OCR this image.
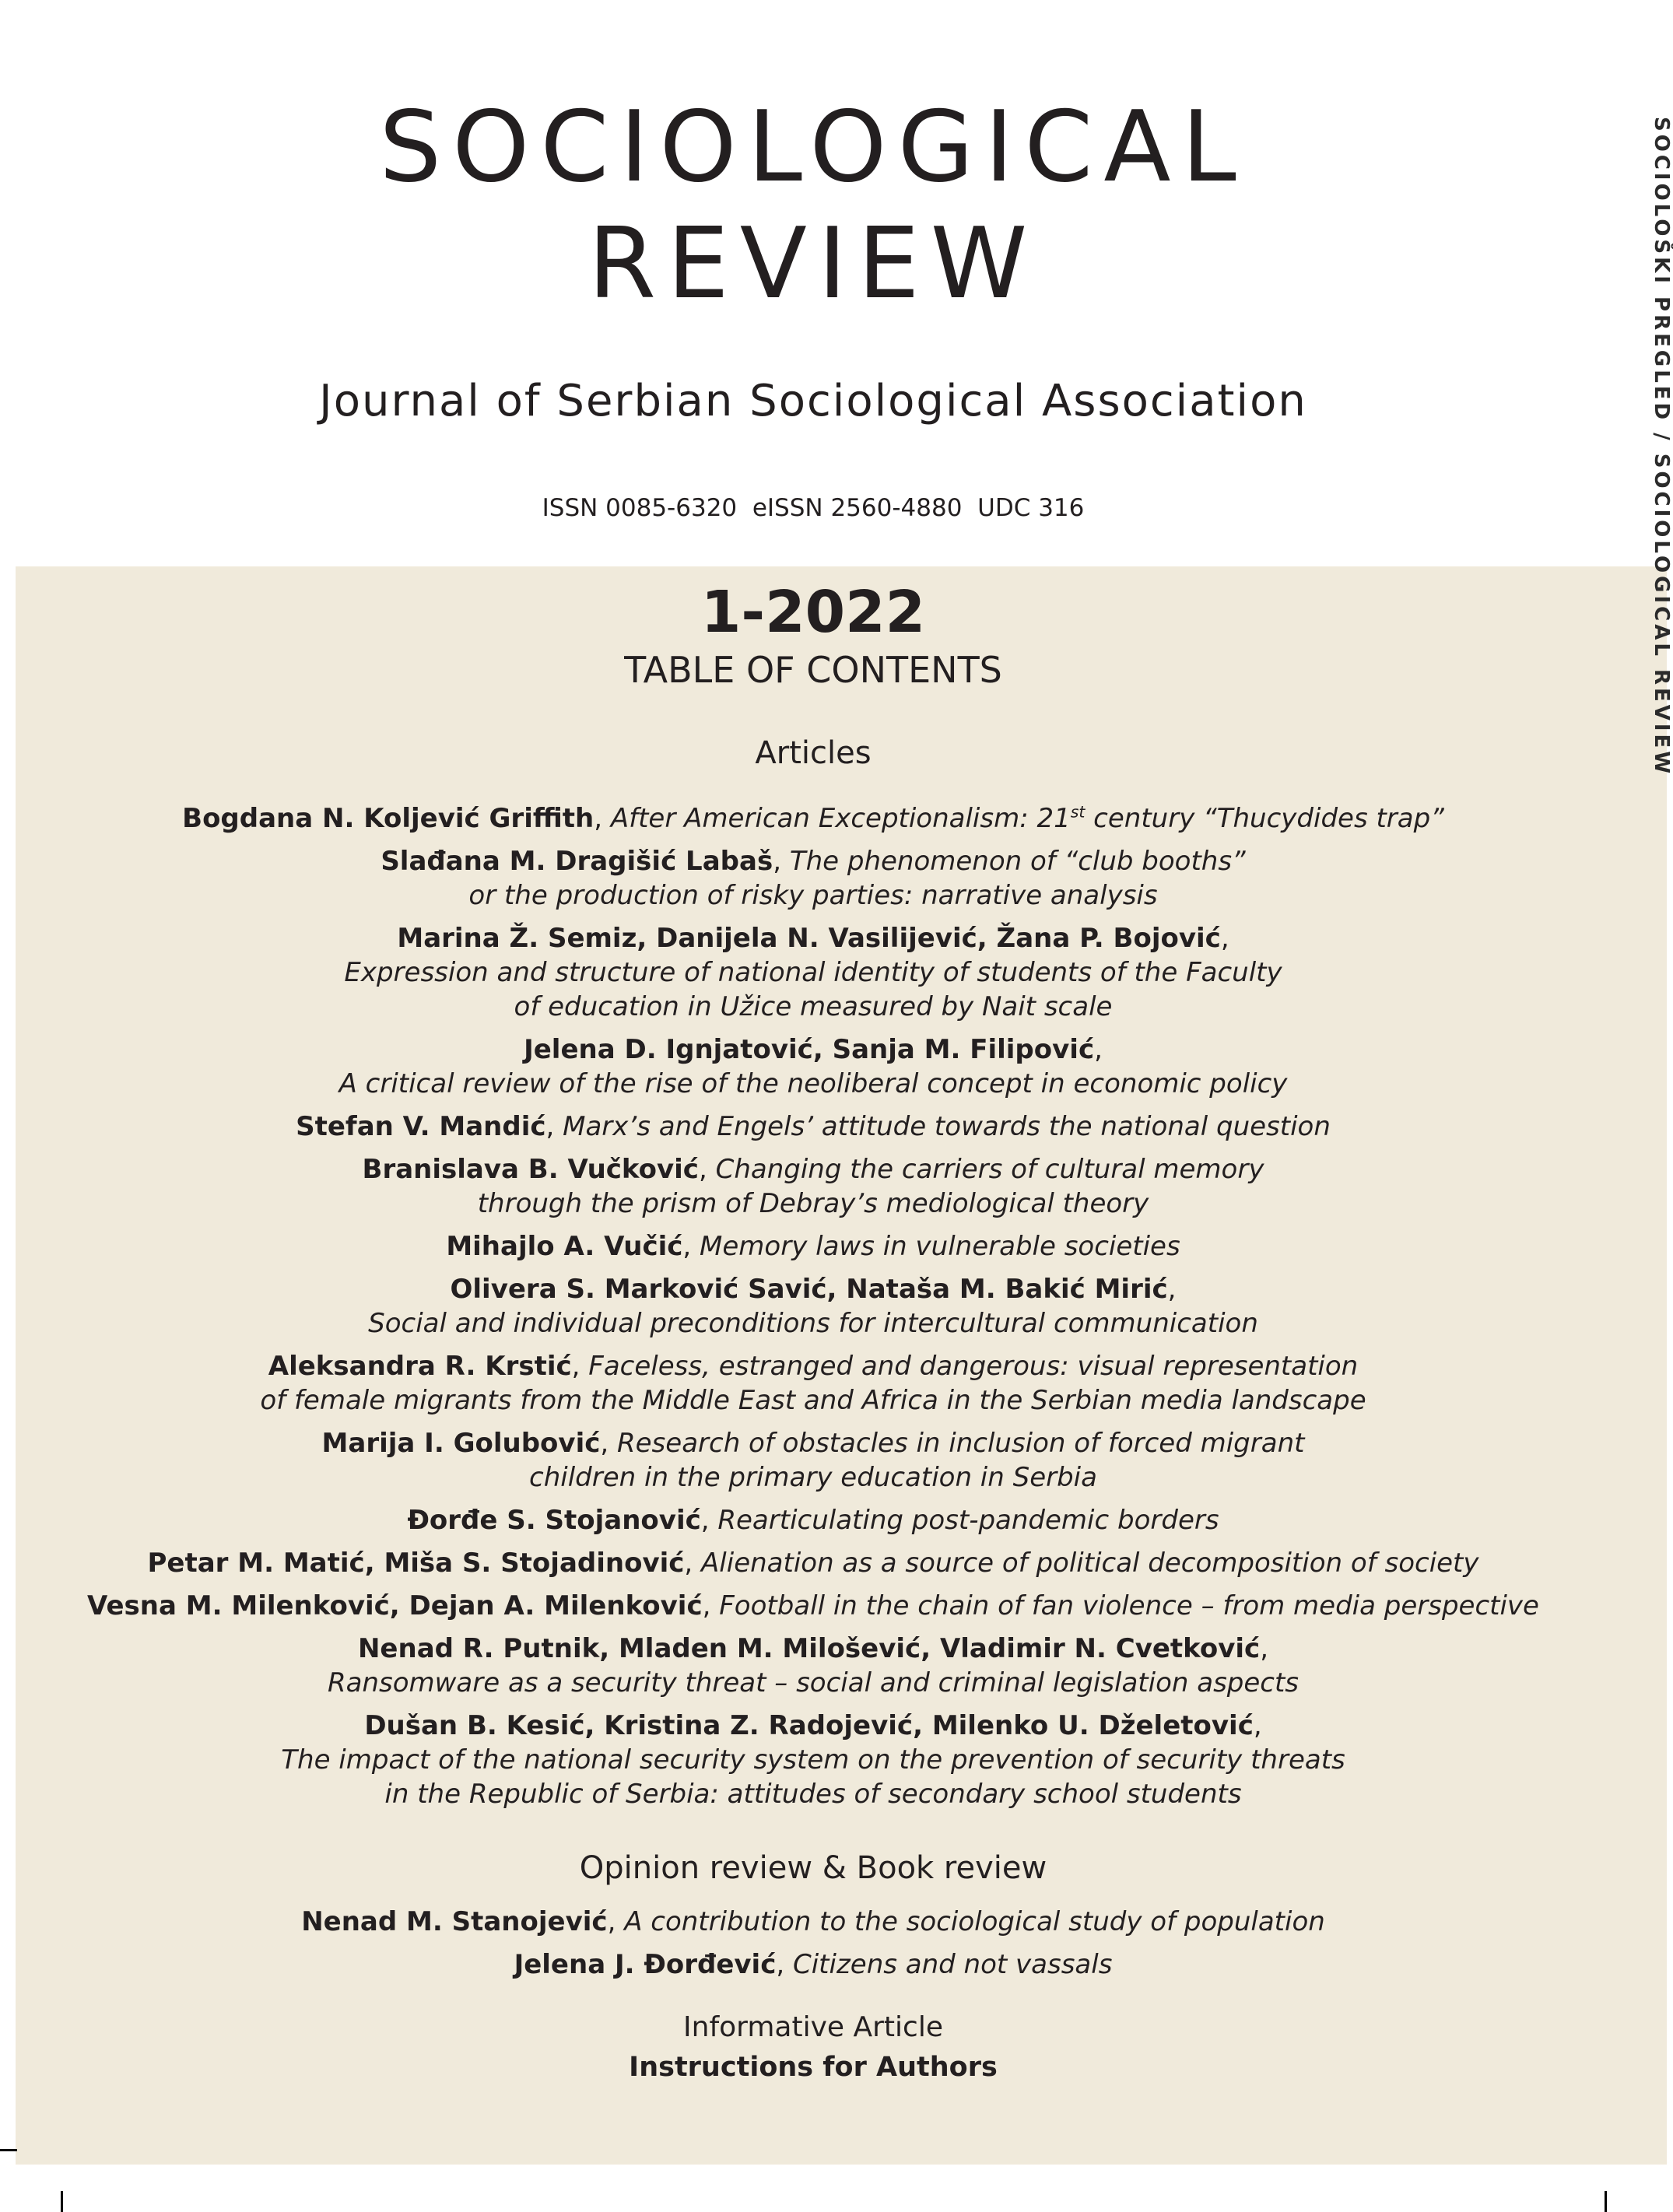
SOCIOLOGICAL
REVIEW
Journal of Serbian Sociological Association
ISSN 0085-6320  eISSN 2560-4880  UDC 316
1-2022
TABLE OF CONTENTS
Articles
Bogdana N. Koljević Griffith, After American Exceptionalism: 21st century “Thucydides trap”
Slađana M. Dragišić Labaš, The phenomenon of “club booths”
or the production of risky parties: narrative analysis
Marina Ž. Semiz, Danijela N. Vasilijević, Žana P. Bojović,
Expression and structure of national identity of students of the Faculty
of education in Užice measured by Nait scale
Jelena D. Ignjatović, Sanja M. Filipović,
A critical review of the rise of the neoliberal concept in economic policy
Stefan V. Mandić, Marx’s and Engels’ attitude towards the national question
Branislava B. Vučković, Changing the carriers of cultural memory
through the prism of Debray’s mediological theory
Mihajlo A. Vučić, Memory laws in vulnerable societies
Olivera S. Marković Savić, Nataša M. Bakić Mirić,
Social and individual preconditions for intercultural communication
Aleksandra R. Krstić, Faceless, estranged and dangerous: visual representation
of female migrants from the Middle East and Africa in the Serbian media landscape
Marija I. Golubović, Research of obstacles in inclusion of forced migrant
children in the primary education in Serbia
Đorđe S. Stojanović, Rearticulating post-pandemic borders
Petar M. Matić, Miša S. Stojadinović, Alienation as a source of political decomposition of society
Vesna M. Milenković, Dejan A. Milenković, Football in the chain of fan violence – from media perspective
Nenad R. Putnik, Mladen M. Milošević, Vladimir N. Cvetković,
Ransomware as a security threat – social and criminal legislation aspects
Dušan B. Kesić, Kristina Z. Radojević, Milenko U. Dželetović,
The impact of the national security system on the prevention of security threats
in the Republic of Serbia: attitudes of secondary school students
Opinion review & Book review
Nenad M. Stanojević, A contribution to the sociological study of population
Jelena J. Đorđević, Citizens and not vassals
Informative Article
Instructions for Authors
SOCIOLOŠKI PREGLED / SOCIOLOGICAL REVIEW
